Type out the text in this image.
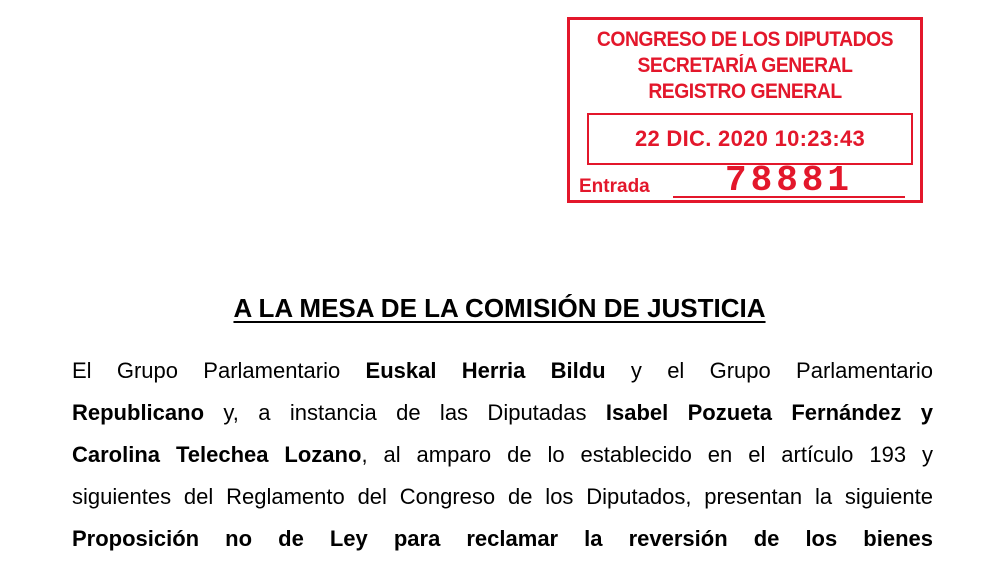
CONGRESO DE LOS DIPUTADOS
SECRETARÍA GENERAL
REGISTRO GENERAL
22 DIC. 2020 10:23:43
Entrada	78881
A LA MESA DE LA COMISIÓN DE JUSTICIA
El Grupo Parlamentario Euskal Herria Bildu y el Grupo Parlamentario
Republicano y, a instancia de las Diputadas Isabel Pozueta Fernández y
Carolina Telechea Lozano, al amparo de lo establecido en el artículo 193 y
siguientes del Reglamento del Congreso de los Diputados, presentan la siguiente
Proposición no de Ley para reclamar la reversión de los bienes
